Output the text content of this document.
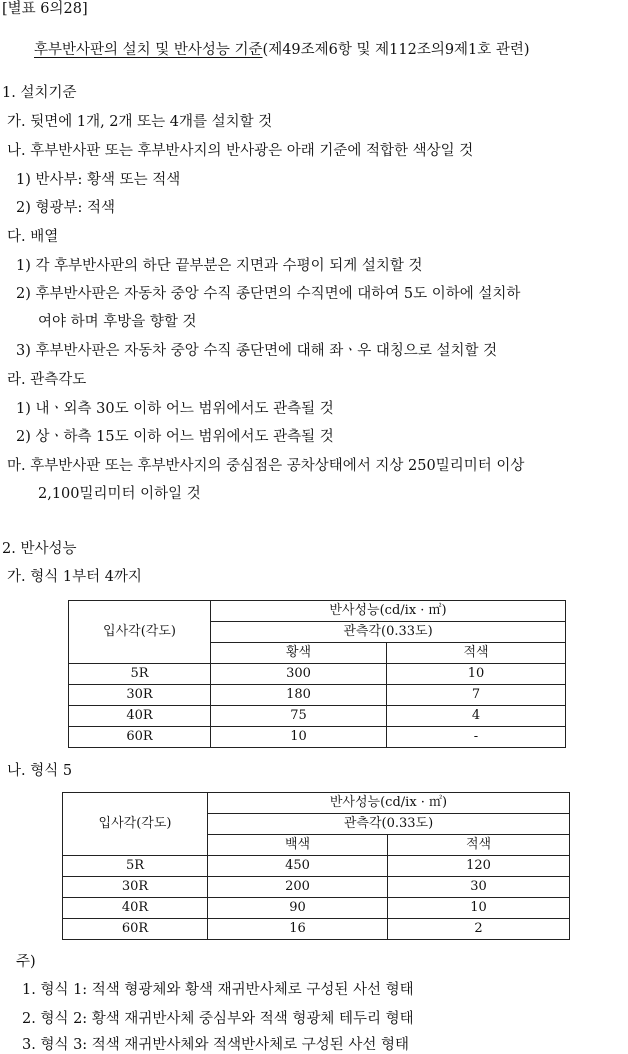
[별표 6의28]
후부반사판의 설치 및 반사성능 기준(제49조제6항 및 제112조의9제1호 관련)
1. 설치기준
가. 뒷면에 1개, 2개 또는 4개를 설치할 것
나. 후부반사판 또는 후부반사지의 반사광은 아래 기준에 적합한 색상일 것
1) 반사부: 황색 또는 적색
2) 형광부: 적색
다. 배열
1) 각 후부반사판의 하단 끝부분은 지면과 수평이 되게 설치할 것
2) 후부반사판은 자동차 중앙 수직 종단면의 수직면에 대하여 5도 이하에 설치하
여야 하며 후방을 향할 것
3) 후부반사판은 자동차 중앙 수직 종단면에 대해 좌ㆍ우 대칭으로 설치할 것
라. 관측각도
1) 내ㆍ외측 30도 이하 어느 범위에서도 관측될 것
2) 상ㆍ하측 15도 이하 어느 범위에서도 관측될 것
마. 후부반사판 또는 후부반사지의 중심점은 공차상태에서 지상 250밀리미터 이상
2,100밀리미터 이하일 것
2. 반사성능
가. 형식 1부터 4까지
입사각(각도)	반사성능(cd/ix · ㎡)	
	관측각(0.33도)	
	황색	적색
5R	300	10
30R	180	7
40R	75	4
60R	10	-
나. 형식 5
입사각(각도)	반사성능(cd/ix · ㎡)	
	관측각(0.33도)	
	백색	적색
5R	450	120
30R	200	30
40R	90	10
60R	16	2
주)
1. 형식 1: 적색 형광체와 황색 재귀반사체로 구성된 사선 형태
2. 형식 2: 황색 재귀반사체 중심부와 적색 형광체 테두리 형태
3. 형식 3: 적색 재귀반사체와 적색반사체로 구성된 사선 형태
